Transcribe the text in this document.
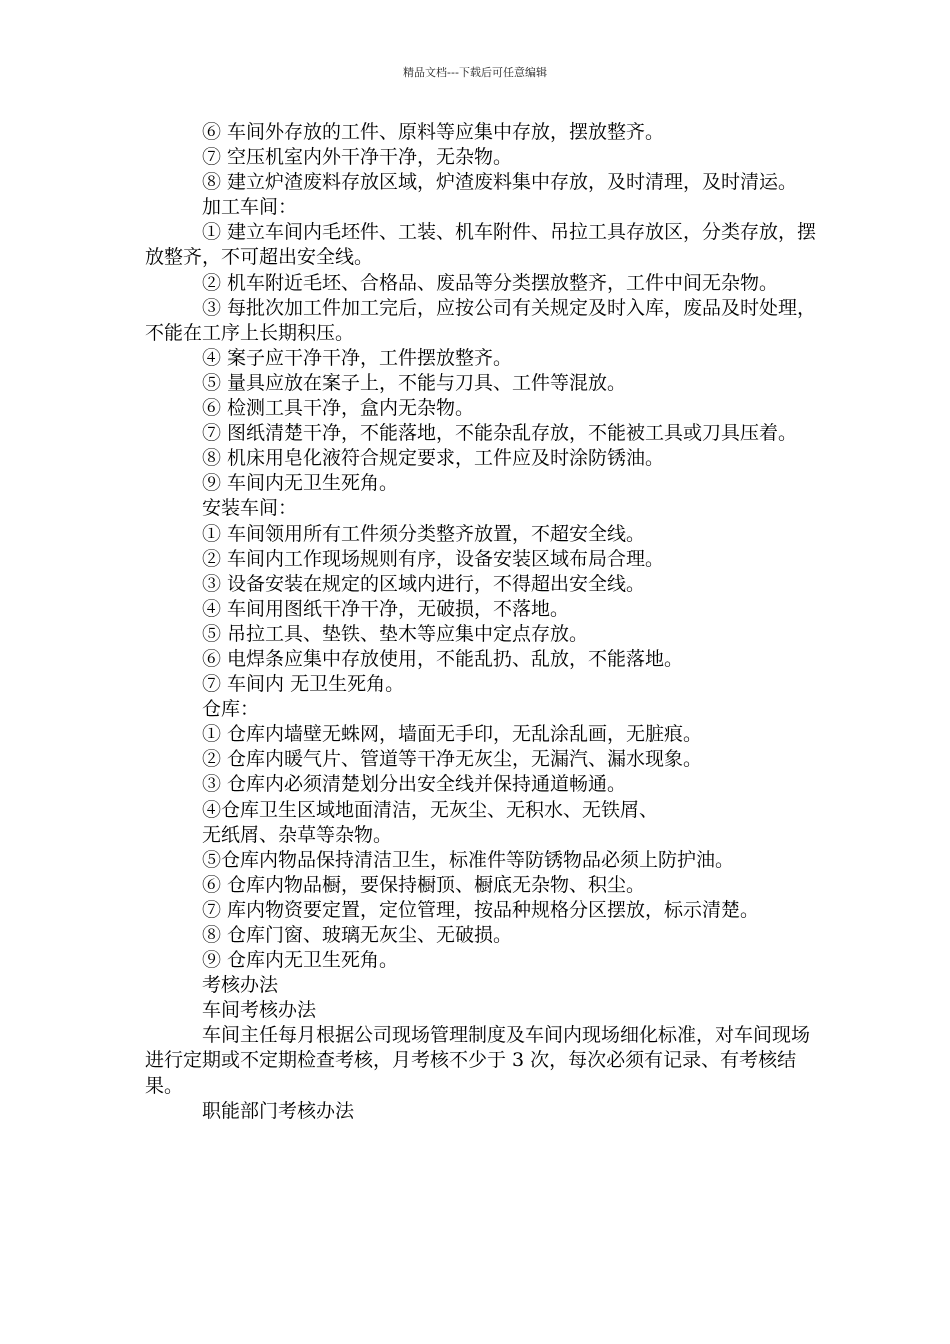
精品文档---下载后可任意编辑

⑥ 车间外存放的工件、原料等应集中存放，摆放整齐。

⑦ 空压机室内外干净干净，无杂物。

⑧ 建立炉渣废料存放区域，炉渣废料集中存放，及时清理，及时清运。

加工车间：

① 建立车间内毛坯件、工装、机车附件、吊拉工具存放区，分类存放，摆放整齐，不可超出安全线。

② 机车附近毛坯、合格品、废品等分类摆放整齐，工件中间无杂物。

③ 每批次加工件加工完后，应按公司有关规定及时入库，废品及时处理，不能在工序上长期积压。

④ 案子应干净干净，工件摆放整齐。

⑤ 量具应放在案子上，不能与刀具、工件等混放。

⑥ 检测工具干净，盒内无杂物。

⑦ 图纸清楚干净，不能落地，不能杂乱存放，不能被工具或刀具压着。

⑧ 机床用皂化液符合规定要求，工件应及时涂防锈油。

⑨ 车间内无卫生死角。

安装车间：

① 车间领用所有工件须分类整齐放置，不超安全线。

② 车间内工作现场规则有序，设备安装区域布局合理。

③ 设备安装在规定的区域内进行，不得超出安全线。

④ 车间用图纸干净干净，无破损，不落地。

⑤ 吊拉工具、垫铁、垫木等应集中定点存放。

⑥ 电焊条应集中存放使用，不能乱扔、乱放，不能落地。

⑦ 车间内 无卫生死角。

仓库：

① 仓库内墙壁无蛛网，墙面无手印，无乱涂乱画，无脏痕。

② 仓库内暖气片、管道等干净无灰尘，无漏汽、漏水现象。

③ 仓库内必须清楚划分出安全线并保持通道畅通。

④仓库卫生区域地面清洁，无灰尘、无积水、无铁屑、

无纸屑、杂草等杂物。

⑤仓库内物品保持清洁卫生，标准件等防锈物品必须上防护油。

⑥ 仓库内物品橱，要保持橱顶、橱底无杂物、积尘。

⑦ 库内物资要定置，定位管理，按品种规格分区摆放，标示清楚。

⑧ 仓库门窗、玻璃无灰尘、无破损。

⑨ 仓库内无卫生死角。

考核办法

车间考核办法

车间主任每月根据公司现场管理制度及车间内现场细化标准，对车间现场进行定期或不定期检查考核，月考核不少于 3 次，每次必须有记录、有考核结果。

职能部门考核办法
